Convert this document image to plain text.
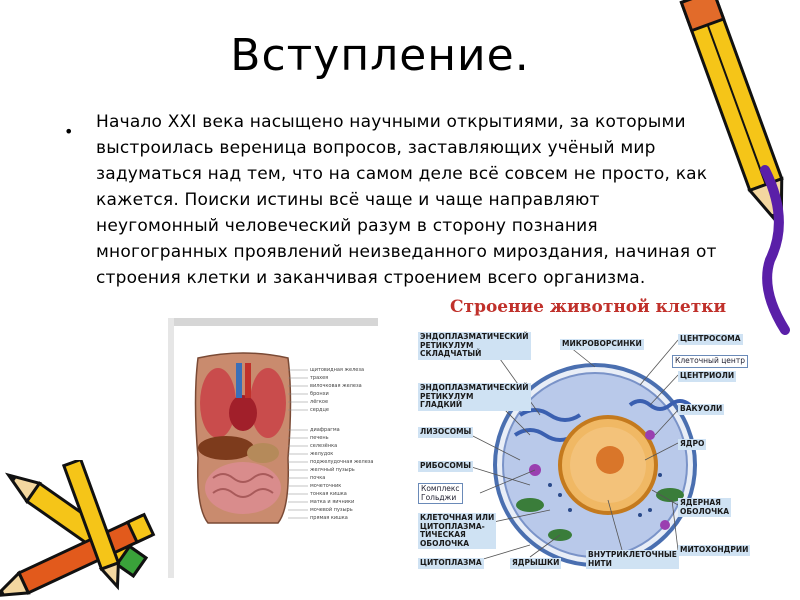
Вступление.
• Начало XXI века насыщено научными открытиями, за которыми выстроилась вереница вопросов, заставляющих учёный мир задуматься над тем, что на самом деле всё совсем не просто, как кажется. Поиски истины всё чаще и чаще направляют неугомонный человеческий разум в сторону познания многогранных проявлений неизведанного мироздания, начиная от строения клетки и заканчивая строением всего организма.
щитовидная железа
трахея
вилочковая железа
бронхи
лёгкое
сердце
диафрагма
печень
селезёнка
желудок
поджелудочная железа
желчный пузырь
почка
мочеточник
тонкая кишка
матка и яичники
мочевой пузырь
прямая кишка
Строение животной клетки
ЭНДОПЛАЗМАТИЧЕСКИЙ
РЕТИКУЛУМ
СКЛАДЧАТЫЙ
МИКРОВОРСИНКИ
ЦЕНТРОСОМА
Клеточный центр
ЦЕНТРИОЛИ
ЭНДОПЛАЗМАТИЧЕСКИЙ
РЕТИКУЛУМ
ГЛАДКИЙ	ВАКУОЛИ
ЛИЗОСОМЫ
ЯДРО
РИБОСОМЫ
Комплекс
Гольджи
ЯДЕРНАЯ
ОБОЛОЧКА
КЛЕТОЧНАЯ ИЛИ
ЦИТОПЛАЗМА-
ТИЧЕСКАЯ
ОБОЛОЧКА
МИТОХОНДРИИ
ЦИТОПЛАЗМА	ЯДРЫШКИ
ВНУТРИКЛЕТОЧНЫЕ
НИТИ
